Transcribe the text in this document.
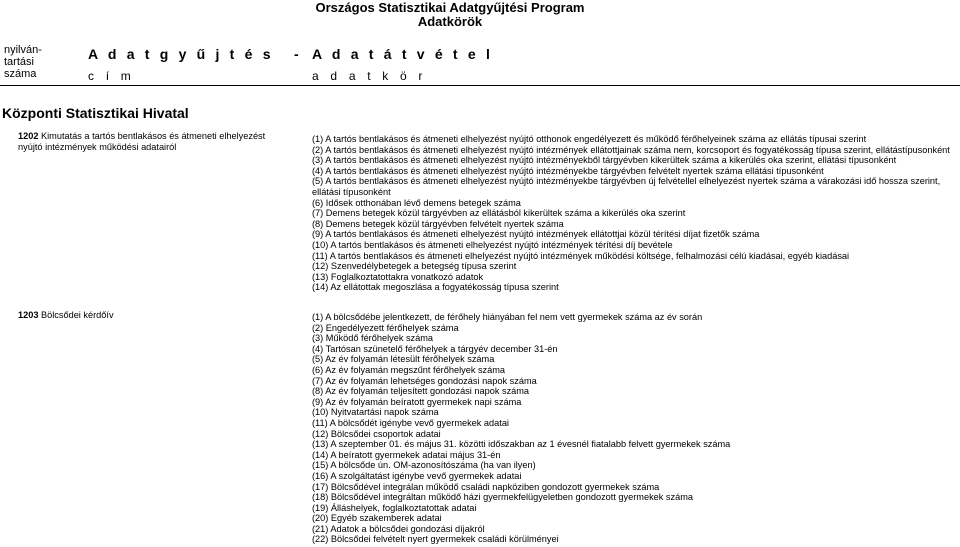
Országos Statisztikai Adatgyűjtési Program
Adatkörök
nyilván-
tartási
száma
A d a t g y ű j t é s - A d a t á t v é t e l
c í m	a d a t k ö r
Központi Statisztikai Hivatal
1202 Kimutatás a tartós bentlakásos és átmeneti elhelyezést nyújtó intézmények működési adatairól
(1) A tartós bentlakásos és átmeneti elhelyezést nyújtó otthonok engedélyezett és működő férőhelyeinek száma az ellátás típusai szerint
(2) A tartós bentlakásos és átmeneti elhelyezést nyújtó intézmények ellátottjainak száma nem, korcsoport és fogyatékosság típusa szerint, ellátástípusonként
(3) A tartós bentlakásos és átmeneti elhelyezést nyújtó intézményekből tárgyévben kikerültek száma a kikerülés oka szerint, ellátási típusonként
(4) A tartós bentlakásos és átmeneti elhelyezést nyújtó intézményekbe tárgyévben felvételt nyertek száma ellátási típusonként
(5) A tartós bentlakásos és átmeneti elhelyezést nyújtó intézményekbe tárgyévben új felvétellel elhelyezést nyertek száma a várakozási idő hossza szerint, ellátási típusonként
(6) Idősek otthonában lévő demens betegek száma
(7) Demens betegek közül tárgyévben az ellátásból kikerültek száma a kikerülés oka szerint
(8) Demens betegek közül tárgyévben felvételt nyertek száma
(9) A tartós bentlakásos és átmeneti elhelyezést nyújtó intézmények ellátottjai közül térítési díjat fizetők száma
(10) A tartós bentlakásos és átmeneti elhelyezést nyújtó intézmények térítési díj bevétele
(11) A tartós bentlakásos és átmeneti elhelyezést nyújtó intézmények működési költsége, felhalmozási célú kiadásai, egyéb kiadásai
(12) Szenvedélybetegek a betegség típusa szerint
(13) Foglalkoztatottakra vonatkozó adatok
(14) Az ellátottak megoszlása a fogyatékosság típusa szerint
1203 Bölcsődei kérdőív	(1) A bölcsődébe jelentkezett, de férőhely hiányában fel nem vett gyermekek száma az év során
(2) Engedélyezett férőhelyek száma
(3) Működő férőhelyek száma
(4) Tartósan szünetelő férőhelyek a tárgyév december 31-én
(5) Az év folyamán létesült férőhelyek száma
(6) Az év folyamán megszűnt férőhelyek száma
(7) Az év folyamán lehetséges gondozási napok száma
(8) Az év folyamán teljesített gondozási napok száma
(9) Az év folyamán beíratott gyermekek napi száma
(10) Nyitvatartási napok száma
(11) A bölcsődét igénybe vevő gyermekek adatai
(12) Bölcsődei csoportok adatai
(13) A szeptember 01. és május 31. közötti időszakban az 1 évesnél fiatalabb felvett gyermekek száma
(14) A beíratott gyermekek adatai május 31-én
(15) A bölcsőde ún. OM-azonosítószáma (ha van ilyen)
(16) A szolgáltatást igénybe vevő gyermekek adatai
(17) Bölcsődével integrálan működő családi napköziben gondozott gyermekek száma
(18) Bölcsődével integráltan működő házi gyermekfelügyeletben gondozott gyermekek száma
(19) Álláshelyek, foglalkoztatottak adatai
(20) Egyéb szakemberek adatai
(21) Adatok a bölcsődei gondozási díjakról
(22) Bölcsődei felvételt nyert gyermekek családi körülményei
